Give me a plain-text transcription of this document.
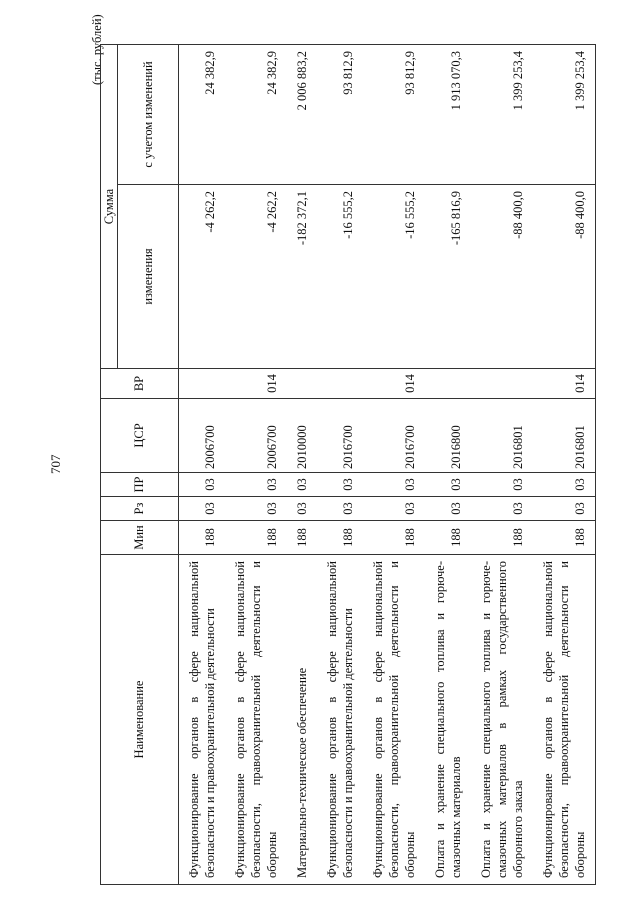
707
(тыс. рублей)
Наименование	Мин	Рз	ПР	ЦСР	ВР	Сумма	
						изменения	с учетом изменений
Функционирование органов в сфере национальной безопасности и правоохранительной деятельности	188	03	03	2006700		-4 262,2	24 382,9
Функционирование органов в сфере национальной безопасности, правоохранительной деятельности и обороны	188	03	03	2006700	014	-4 262,2	24 382,9
Материально-техническое обеспечение	188	03	03	2010000		-182 372,1	2 006 883,2
Функционирование органов в сфере национальной безопасности и правоохранительной деятельности	188	03	03	2016700		-16 555,2	93 812,9
Функционирование органов в сфере национальной безопасности, правоохранительной деятельности и обороны	188	03	03	2016700	014	-16 555,2	93 812,9
Оплата и хранение специального топлива и горюче-смазочных материалов	188	03	03	2016800		-165 816,9	1 913 070,3
Оплата и хранение специального топлива и горюче-смазочных материалов в рамках государственного оборонного заказа	188	03	03	2016801		-88 400,0	1 399 253,4
Функционирование органов в сфере национальной безопасности, правоохранительной деятельности и обороны	188	03	03	2016801	014	-88 400,0	1 399 253,4
